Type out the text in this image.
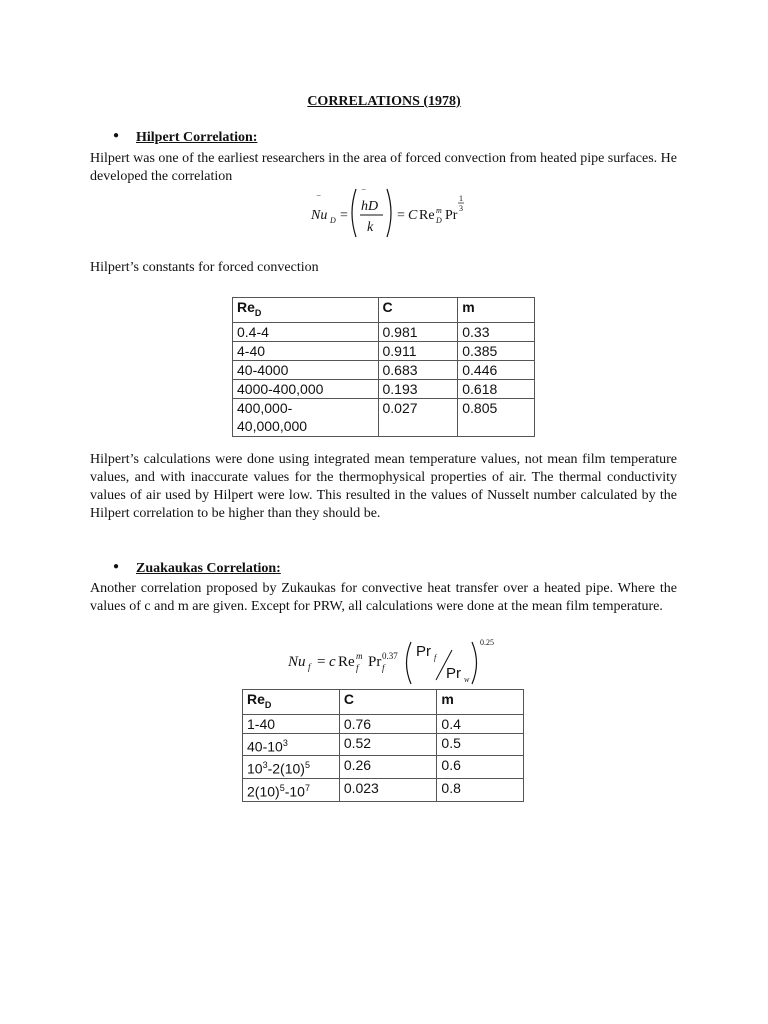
CORRELATIONS (1978)
● Hilpert Correlation:
Hilpert was one of the earliest researchers in the area of forced convection from heated pipe surfaces. He developed the correlation
Nu D
‾
=
hD
‾
k
= C Re m
D Pr
1
3
Hilpert’s constants for forced convection
$Re_D$	C	m
0.4-4	0.981	0.33
4-40	0.911	0.385
40-4000	0.683	0.446
4000-400,000	0.193	0.618
400,000-
40,000,000	0.027	0.805
Hilpert’s calculations were done using integrated mean temperature values, not mean film temperature values, and with inaccurate values for the thermophysical properties of air. The thermal conductivity values of air used by Hilpert were low. This resulted in the values of Nusselt number calculated by the Hilpert correlation to be higher than they should be.
● Zuakaukas Correlation:
Another correlation proposed by Zukaukas for convective heat transfer over a heated pipe. Where the values of c and m are given. Except for PRW, all calculations were done at the mean film temperature.
Nu f = c Re m
f Pr 0.37
f
Pr f
Pr w
0.25
$Re_D$	C	m
1-40	0.76	0.4
$40-10^3$	0.52	0.5
$10^3-2(10)^5$	0.26	0.6
$2(10)^5-10^7$	0.023	0.8
